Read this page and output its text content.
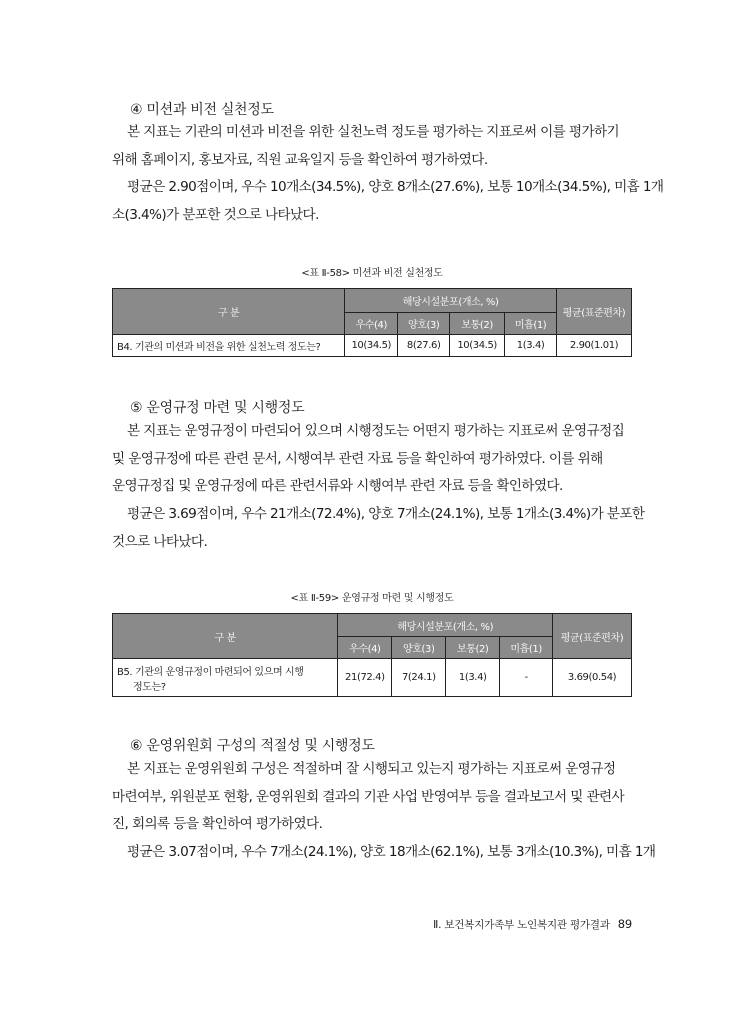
④ 미션과 비전 실천정도
본 지표는 기관의 미션과 비전을 위한 실천노력 정도를 평가하는 지표로써 이를 평가하기
위해 홈페이지, 홍보자료, 직원 교육일지 등을 확인하여 평가하였다.
평균은 2.90점이며, 우수 10개소(34.5%), 양호 8개소(27.6%), 보통 10개소(34.5%), 미흡 1개
소(3.4%)가 분포한 것으로 나타났다.
<표 Ⅱ-58> 미션과 비전 실천정도
구 분	해당시설분포(개소, %)				평균(표준편차)
	우수(4)	양호(3)	보통(2)	미흡(1)	
B4. 기관의 미션과 비전을 위한 실천노력 정도는?	10(34.5)	8(27.6)	10(34.5)	1(3.4)	2.90(1.01)
⑤ 운영규정 마련 및 시행정도
본 지표는 운영규정이 마련되어 있으며 시행정도는 어떤지 평가하는 지표로써 운영규정집
및 운영규정에 따른 관련 문서, 시행여부 관련 자료 등을 확인하여 평가하였다. 이를 위해
운영규정집 및 운영규정에 따른 관련서류와 시행여부 관련 자료 등을 확인하였다.
평균은 3.69점이며, 우수 21개소(72.4%), 양호 7개소(24.1%), 보통 1개소(3.4%)가 분포한
것으로 나타났다.
<표 Ⅱ-59> 운영규정 마련 및 시행정도
구 분	해당시설분포(개소, %)				평균(표준편차)
	우수(4)	양호(3)	보통(2)	미흡(1)	

B5. 기관의 운영규정이 마련되어 있으며 시행
정도는?	21(72.4)	7(24.1)	1(3.4)	-	3.69(0.54)
⑥ 운영위원회 구성의 적절성 및 시행정도
본 지표는 운영위원회 구성은 적절하며 잘 시행되고 있는지 평가하는 지표로써 운영규정
마련여부, 위원분포 현황, 운영위원회 결과의 기관 사업 반영여부 등을 결과보고서 및 관련사
진, 회의록 등을 확인하여 평가하였다.
평균은 3.07점이며, 우수 7개소(24.1%), 양호 18개소(62.1%), 보통 3개소(10.3%), 미흡 1개
Ⅱ. 보건복지가족부 노인복지관 평가결과 89
